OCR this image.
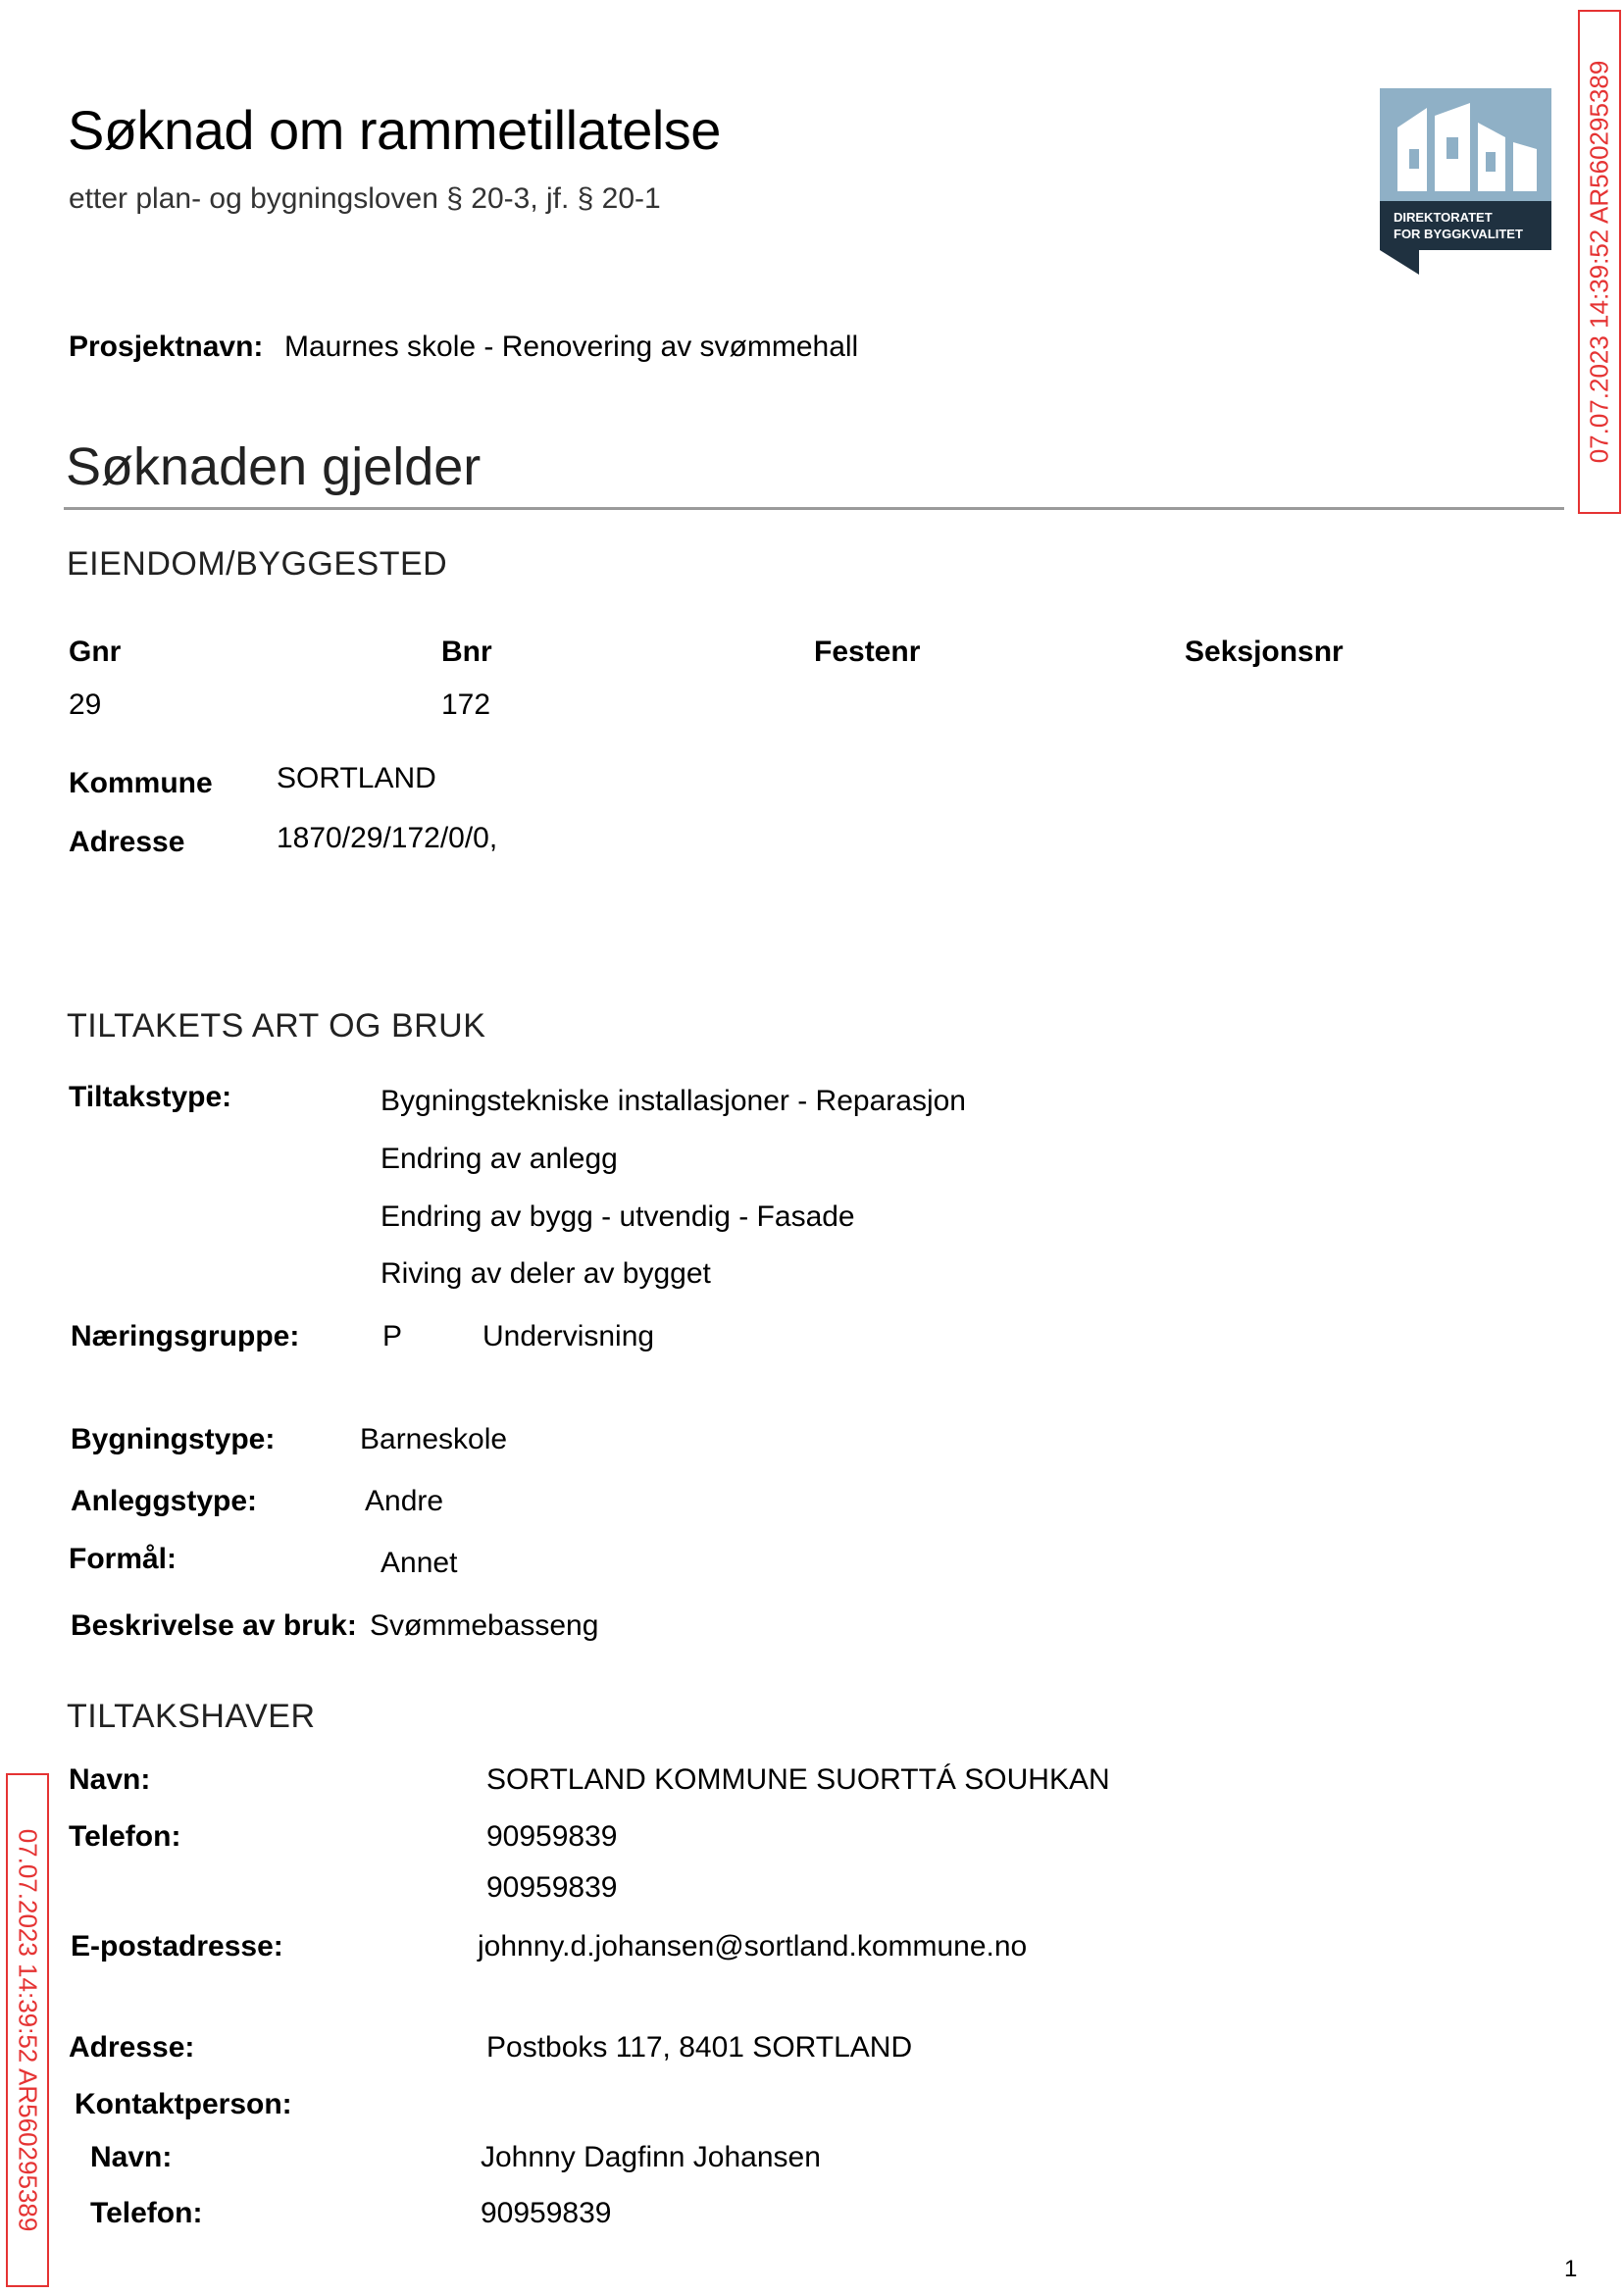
Søknad om rammetillatelse
etter plan- og bygningsloven § 20-3, jf. § 20-1
DIREKTORATET
FOR BYGGKVALITET 07.07.2023 14:39:52 AR560295389
07.07.2023 14:39:52 AR560295389
Prosjektnavn: Maurnes skole - Renovering av svømmehall
Søknaden gjelder
EIENDOM/BYGGESTED
Gnr	Bnr	Festenr	Seksjonsnr
29	172
Kommune SORTLAND
Adresse	1870/29/172/0/0,
TILTAKETS ART OG BRUK
Tiltakstype:	Bygningstekniske installasjoner - Reparasjon
Endring av anlegg
Endring av bygg - utvendig - Fasade
Riving av deler av bygget
Næringsgruppe:	P	Undervisning
Bygningstype:	Barneskole
Anleggstype:	Andre
Formål:	Annet
Beskrivelse av bruk: Svømmebasseng
TILTAKSHAVER
Navn:	SORTLAND KOMMUNE SUORTTÁ SOUHKAN
Telefon:	90959839
90959839
E-postadresse:	johnny.d.johansen@sortland.kommune.no
Adresse:	Postboks 117, 8401 SORTLAND
Kontaktperson:
Navn:	Johnny Dagfinn Johansen
Telefon:	90959839
1
